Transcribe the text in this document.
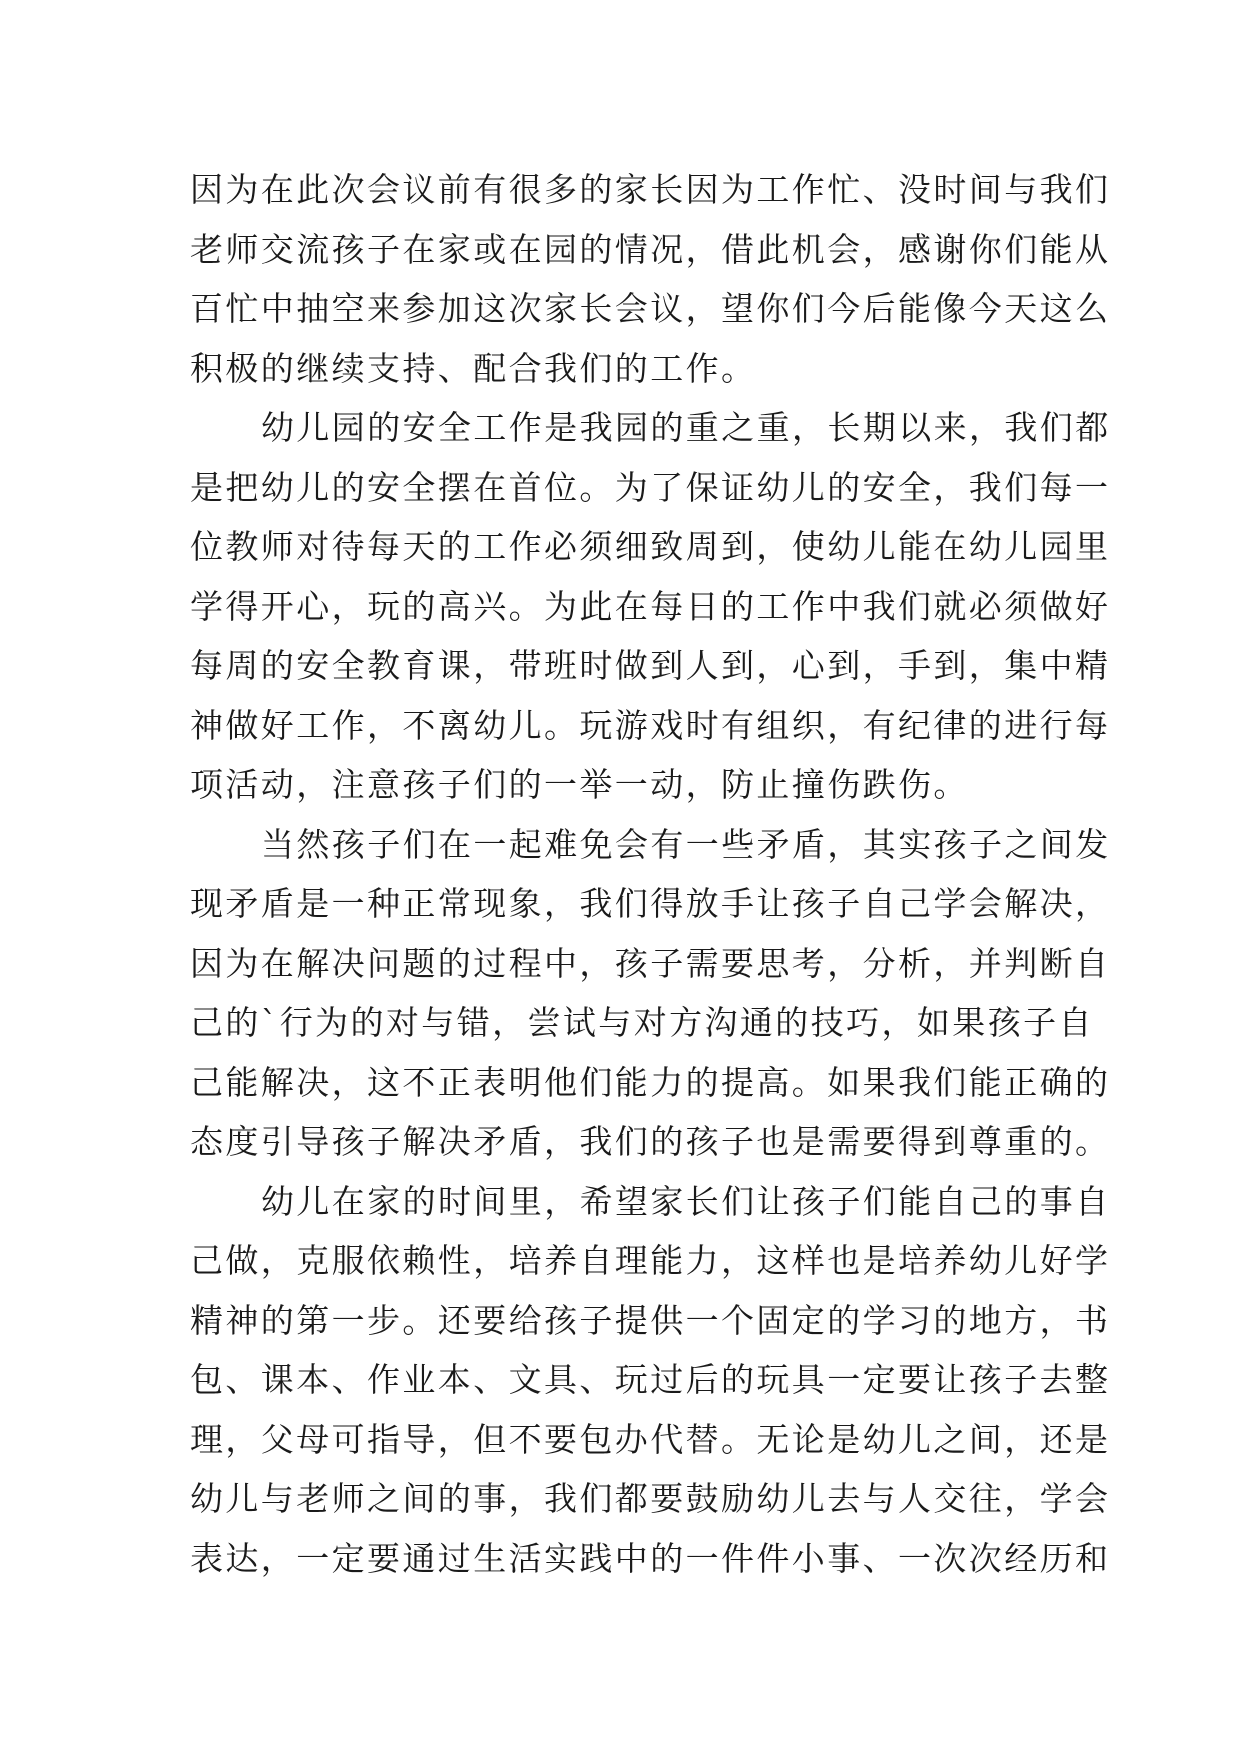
因为在此次会议前有很多的家长因为工作忙、没时间与我们
老师交流孩子在家或在园的情况，借此机会，感谢你们能从
百忙中抽空来参加这次家长会议，望你们今后能像今天这么
积极的继续支持、配合我们的工作。
幼儿园的安全工作是我园的重之重，长期以来，我们都
是把幼儿的安全摆在首位。为了保证幼儿的安全，我们每一
位教师对待每天的工作必须细致周到，使幼儿能在幼儿园里
学得开心，玩的高兴。为此在每日的工作中我们就必须做好
每周的安全教育课，带班时做到人到，心到，手到，集中精
神做好工作，不离幼儿。玩游戏时有组织，有纪律的进行每
项活动，注意孩子们的一举一动，防止撞伤跌伤。
当然孩子们在一起难免会有一些矛盾，其实孩子之间发
现矛盾是一种正常现象，我们得放手让孩子自己学会解决，
因为在解决问题的过程中，孩子需要思考，分析，并判断自
己的`行为的对与错，尝试与对方沟通的技巧，如果孩子自
己能解决，这不正表明他们能力的提高。如果我们能正确的
态度引导孩子解决矛盾，我们的孩子也是需要得到尊重的。
幼儿在家的时间里，希望家长们让孩子们能自己的事自
己做，克服依赖性，培养自理能力，这样也是培养幼儿好学
精神的第一步。还要给孩子提供一个固定的学习的地方，书
包、课本、作业本、文具、玩过后的玩具一定要让孩子去整
理，父母可指导，但不要包办代替。无论是幼儿之间，还是
幼儿与老师之间的事，我们都要鼓励幼儿去与人交往，学会
表达，一定要通过生活实践中的一件件小事、一次次经历和
